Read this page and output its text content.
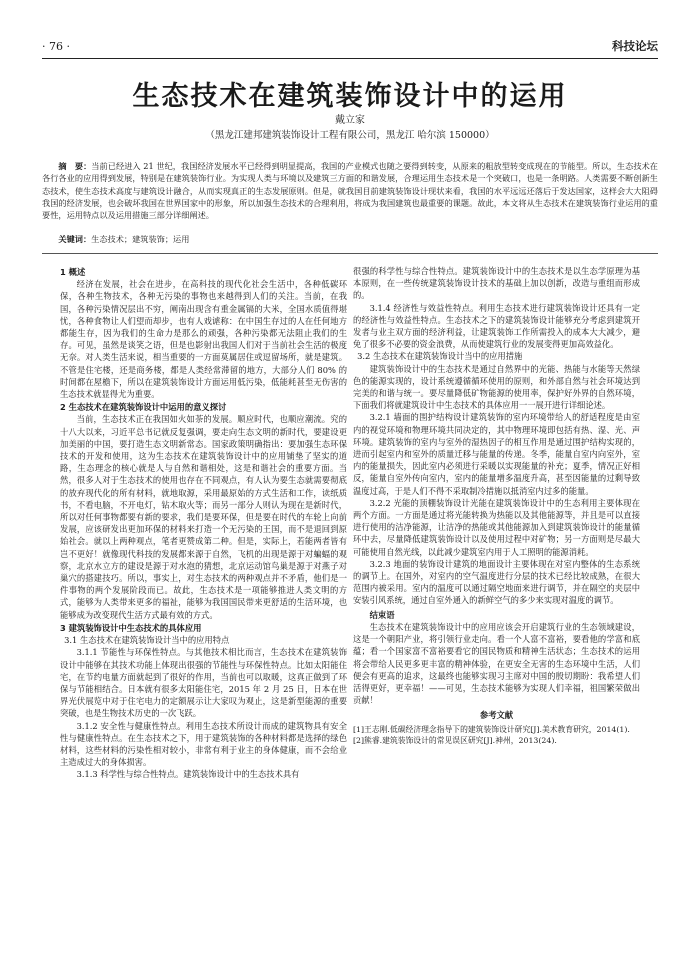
· 76 ·	科技论坛
生态技术在建筑装饰设计中的运用
戴立家
（黑龙江建邦建筑装饰设计工程有限公司，黑龙江 哈尔滨 150000）
摘　要：当前已经进入 21 世纪，我国经济发展水平已经得到明显提高，我国的产业模式也随之要得到转变，从原来的粗放型转变成现在的节能型。所以，生态技术在各行各业的应用得到发展，特别是在建筑装饰行业。为实现人类与环境以及建筑三方面的和谐发展，合理运用生态技术是一个突破口，也是一条明路。人类需要不断创新生态技术，使生态技术高度与建筑设计融合，从而实现真正的生态发展原则。但是，就我国目前建筑装饰设计现状来看，我国的水平远远还落后于发达国家，这样会大大阻碍我国的经济发展，也会破坏我国在世界国家中的形象，所以加强生态技术的合理利用，将成为我国建筑也最重要的课题。故此，本文将从生态技术在建筑装饰行业运用的重要性，运用特点以及运用措施三部分详细阐述。
关键词：生态技术；建筑装饰；运用
1 概述

经济在发展，社会在进步，在高科技的现代化社会生活中，各种低碳环保，各种生物技术，各种无污染的事物也来越得到人们的关注。当前，在我国，各种污染情况层出不穷，阐南出现含有重金属镉的大米，全国水质值得堪忧，各种食物让人们望而却步，也有人戏谑称：在中国生存过的人在任何地方都能生存，因为我们的生命力是那么的顽强，各种污染都无法阻止我们的生存。可见，虽然是谈笑之语，但是也影射出我国人们对于当前社会生活的极度无奈。对人类生活来说，相当重要的一方面莫属居住或逗留场所，就是建筑。不管是住宅楼，还是商务楼，都是人类经常滞留的地方，大部分人们 80% 的时间都在屋檐下，所以在建筑装饰设计方面运用低污染，低能耗甚至无伤害的生态技术就显得尤为重要。

2 生态技术在建筑装饰设计中运用的意义探讨

当前，生态技术正在我国如火如荼的发展。顺应时代，也顺应潮流。究的十八大以来，习近平总书记就反复强调，要走向生态文明的新时代，要建设更加美丽的中国，要打造生态文明新常态。国家政策明确指出：要加强生态环保技术的开发和使用，这为生态技术在建筑装饰设计中的应用铺垫了坚实的道路，生态理念的核心就是人与自然和谐相处，这是和谐社会的重要方面。当然，很多人对于生态技术的使用也存在不同观点，有人认为要生态就需要彻底的放弃现代化的所有材料，就地取源，采用最原始的方式生活和工作，读纸质书，不看电脑，不开电灯，钻木取火等；而另一部分人则认为现在是新时代，所以对任何事物都要有新的要求，我们是要环保，但是要在时代的车轮上向前发展，应该研发出更加环保的材料来打造一个无污染的王国，而不是退回到原始社会。就以上两种观点，笔者更赞成第二种。但是，实际上，若能两者皆有岂不更好！就像现代科技的发展都来源于自然，飞机的出现是源于对蝙蝠的观察，北京水立方的建设是源于对水泡的猜想，北京运动馆鸟巢是源于对燕子对巢穴的搭建技巧。所以，事实上，对生态技术的两种观点并不矛盾，他们是一件事物的两个发展阶段而已。故此，生态技术是一项能够推进人类文明的方式，能够为人类带来更多的福祉，能够为我国国民带来更舒适的生活环境，也能够成为改变现代生活方式最有效的方式。

3 建筑装饰设计中生态技术的具体应用
3.1 生态技术在建筑装饰设计当中的应用特点

3.1.1 节能性与环保性特点。与其他技术相比而言，生态技术在建筑装饰设计中能够在其技术功能上体现出很强的节能性与环保性特点。比如太阳能住宅，在节约电量方面就起到了很好的作用，当前也可以取暖，这真正做到了环保与节能相结合。日本就有很多太阳能住宅，2015 年 2 月 25 日，日本在世界光伏展览中对于住宅电力的定额展示让大家叹为观止，这是新型能源的重要突破，也是生物技术历史的一次飞跃。

3.1.2 安全性与健康性特点。利用生态技术所设计而成的建筑物具有安全性与健康性特点。在生态技术之下，用于建筑装饰的各种材料都是选择的绿色材料，这些材料的污染性相对较小，非常有利于业主的身体健康，而不会给业主造成过大的身体损害。

3.1.3 科学性与综合性特点。建筑装饰设计中的生态技术具有

很强的科学性与综合性特点。建筑装饰设计中的生态技术是以生态学原理为基本原则，在一些传统建筑装饰设计技术的基础上加以创新，改造与重组而形成的。

3.1.4 经济性与效益性特点。利用生态技术进行建筑装饰设计还具有一定的经济性与效益性特点。生态技术之下的建筑装饰设计能够充分考虑到建筑开发者与业主双方面的经济利益，让建筑装饰工作所需投入的成本大大减少，避免了很多不必要的资金浪费，从而使建筑行业的发展变得更加高效益化。

3.2 生态技术在建筑装饰设计当中的应用措施

建筑装饰设计中的生态技术是通过自然界中的光能、热能与水能等天然绿色的能源实现的，设计系统遵循循环使用的原则，和外部自然与社会环境达到完美的和谐与统一。要尽量降低矿物能源的使用率，保护好外界的自然环境，下面我们将就建筑设计中生态技术的具体应用一一展开进行详细论述。

3.2.1 墙面的围护结构设计建筑装饰的室内环境带给人的舒适程度是由室内的视觉环境和物理环境共同决定的，其中物理环境即包括有热、湿、光、声环境。建筑装饰的室内与室外的湿热因子的相互作用是通过围护结构实现的，进而引起室内和室外的质量迁移与能量的传递。冬季，能量自室内向室外，室内的能量损失，因此室内必须进行采暖以实现能量的补充；夏季，情况正好相反，能量自室外传向室内，室内的能量增多温度升高，甚至因能量的过剩导致温度过高，于是人们不得不采取制冷措施以抵消室内过多的能量。

3.2.2 光能的顶棚装饰设计光能在建筑装饰设计中的生态利用主要体现在两个方面。一方面是通过将光能转换为热能以及其他能源等，并且是可以直接进行使用的洁净能源，让洁净的热能或其他能源加入到建筑装饰设计的能量循环中去，尽量降低建筑装饰设计以及使用过程中对矿物；另一方面则是尽最大可能使用自然光线，以此减少建筑室内用于人工照明的能源消耗。

3.2.3 地面的装饰设计建筑的地面设计主要体现在对室内整体的生态系统的调节上。在国外，对室内的空气温度进行分层的技术已经比较成熟，在很大范围内被采用。室内的温度可以通过隔空地面来进行调节，并在隔空的夹层中安装引风系统，通过自室外通入的新鲜空气的多少来实现对温度的调节。

结束语

生态技术在建筑装饰设计中的应用应该会开启建筑行业的生态领域建设，这是一个朝阳产业，将引领行业走向。看一个人富不富裕，要看他的学富和底蕴；看一个国家富不富裕要看它的国民物质和精神生活状态；生态技术的运用将会带给人民更多更丰富的精神体验，在更安全无害的生态环境中生活，人们便会有更高的追求，这最终也能够实现习主席对中国的殷切期盼：我希望人们活得更好，更幸福！——可见，生态技术能够为实现人们幸福，祖国繁荣做出贡献！

参考文献

[1]王志刚.低碳经济理念指导下的建筑装饰设计研究[J].美术教育研究，2014(1).

[2]熊睿.建筑装饰设计的常见误区研究[J].神州，2013(24).
